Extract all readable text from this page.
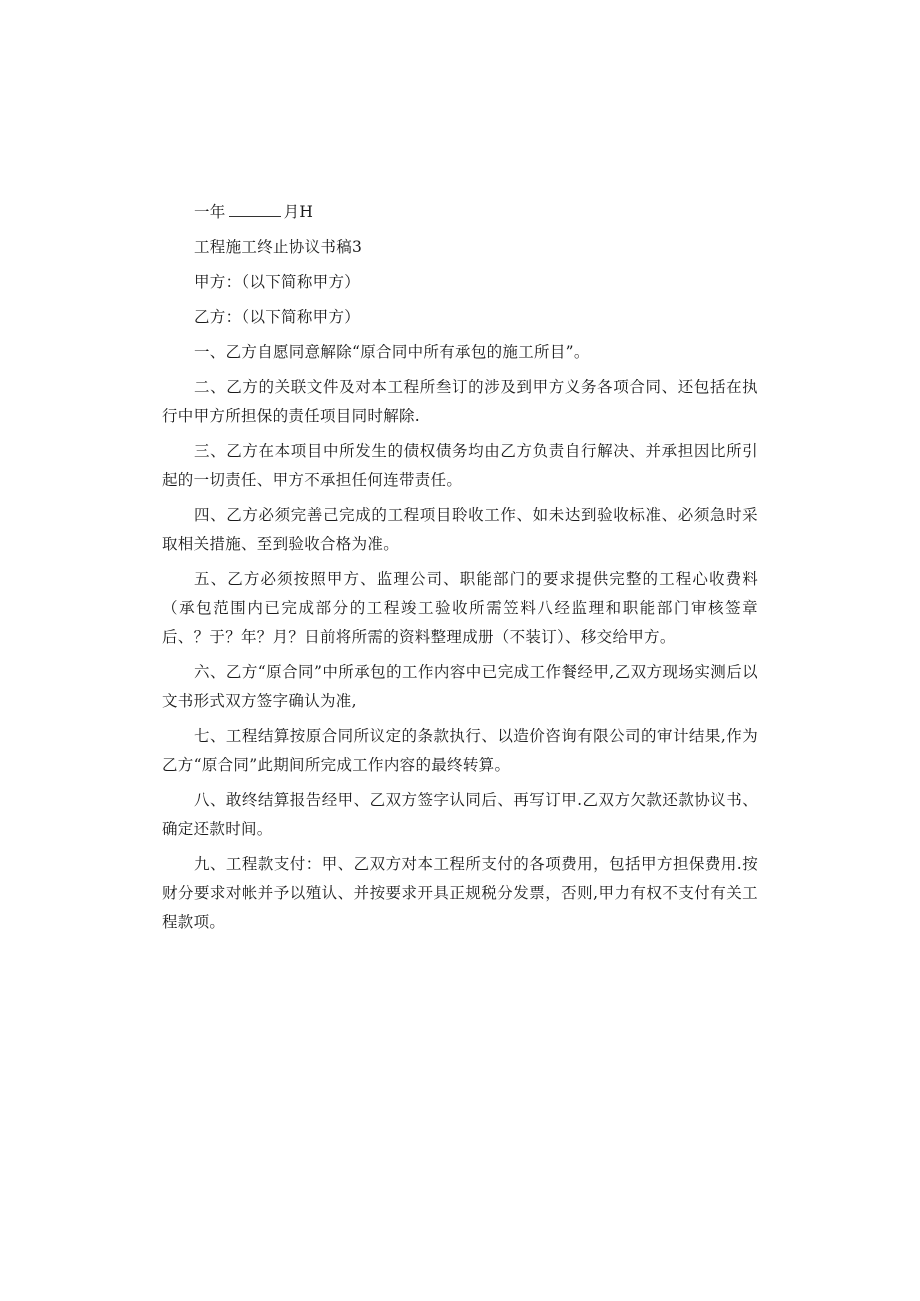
一年	月H

工程施工终止协议书稿3

甲方：（以下简称甲方）

乙方：（以下简称甲方）

一、乙方自愿同意解除“原合同中所有承包的施工所目”。

二、乙方的关联文件及对本工程所叁订的涉及到甲方义务各项合同、还包括在执行中甲方所担保的责任项目同时解除.

三、乙方在本项目中所发生的债权债务均由乙方负责自行解决、并承担因比所引起的一切责任、甲方不承担任何连带责任。

四、乙方必须完善己完成的工程项目聆收工作、如未达到验收标准、必须急时采取相关措施、至到验收合格为准。

五、乙方必须按照甲方、监理公司、职能部门的要求提供完整的工程心收费料（承包范围内已完成部分的工程竣工验收所需笠料八经监理和职能部门审核签章后、？于？年？月？日前将所需的资料整理成册（不装订）、移交给甲方。

六、乙方“原合同”中所承包的工作内容中已完成工作餐经甲,乙双方现场实测后以文书形式双方签字确认为准,

七、工程结算按原合同所议定的条款执行、以造价咨询有限公司的审计结果,作为乙方“原合同”此期间所完成工作内容的最终转算。

八、敢终结算报告经甲、乙双方签字认同后、再写订甲.乙双方欠款还款协议书、确定还款时间。

九、工程款支付：甲、乙双方对本工程所支付的各项费用，包括甲方担保费用.按财分要求对帐并予以殖认、并按要求开具正规税分发票，否则,甲力有权不支付有关工程款项。
